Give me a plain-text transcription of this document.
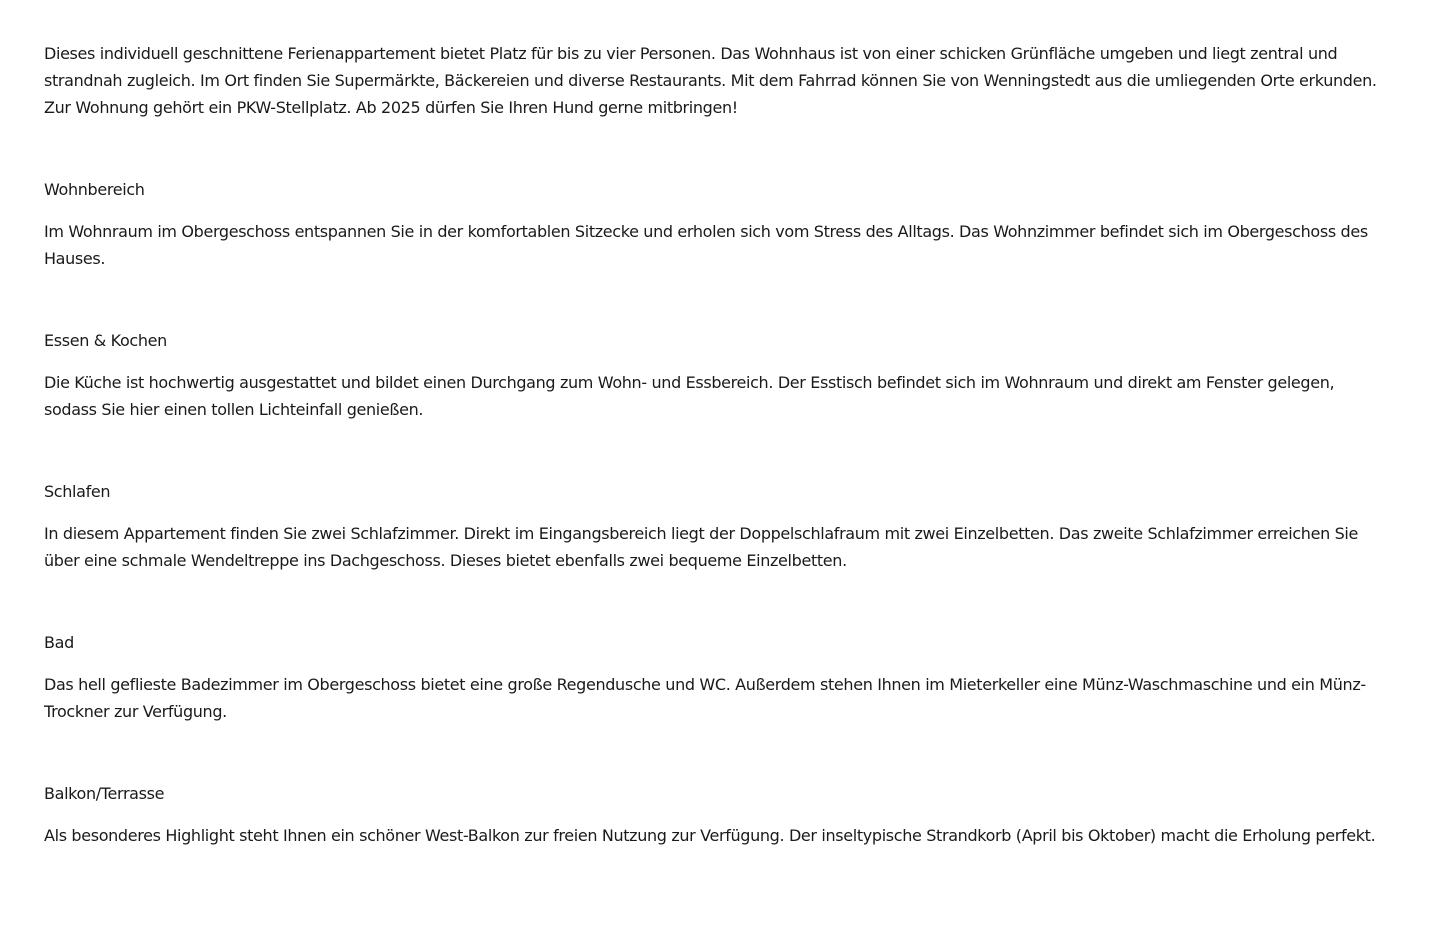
Dieses individuell geschnittene Ferienappartement bietet Platz für bis zu vier Personen. Das Wohnhaus ist von einer schicken Grünfläche umgeben und liegt zentral und strandnah zugleich. Im Ort finden Sie Supermärkte, Bäckereien und diverse Restaurants. Mit dem Fahrrad können Sie von Wenningstedt aus die umliegenden Orte erkunden. Zur Wohnung gehört ein PKW-Stellplatz. Ab 2025 dürfen Sie Ihren Hund gerne mitbringen!

Wohnbereich

Im Wohnraum im Obergeschoss entspannen Sie in der komfortablen Sitzecke und erholen sich vom Stress des Alltags. Das Wohnzimmer befindet sich im Obergeschoss des Hauses.

Essen & Kochen

Die Küche ist hochwertig ausgestattet und bildet einen Durchgang zum Wohn- und Essbereich. Der Esstisch befindet sich im Wohnraum und direkt am Fenster gelegen, sodass Sie hier einen tollen Lichteinfall genießen.

Schlafen

In diesem Appartement finden Sie zwei Schlafzimmer. Direkt im Eingangsbereich liegt der Doppelschlafraum mit zwei Einzelbetten. Das zweite Schlafzimmer erreichen Sie über eine schmale Wendeltreppe ins Dachgeschoss. Dieses bietet ebenfalls zwei bequeme Einzelbetten.

Bad

Das hell geflieste Badezimmer im Obergeschoss bietet eine große Regendusche und WC. Außerdem stehen Ihnen im Mieterkeller eine Münz-Waschmaschine und ein Münz-Trockner zur Verfügung.

Balkon/Terrasse

Als besonderes Highlight steht Ihnen ein schöner West-Balkon zur freien Nutzung zur Verfügung. Der inseltypische Strandkorb (April bis Oktober) macht die Erholung perfekt.
